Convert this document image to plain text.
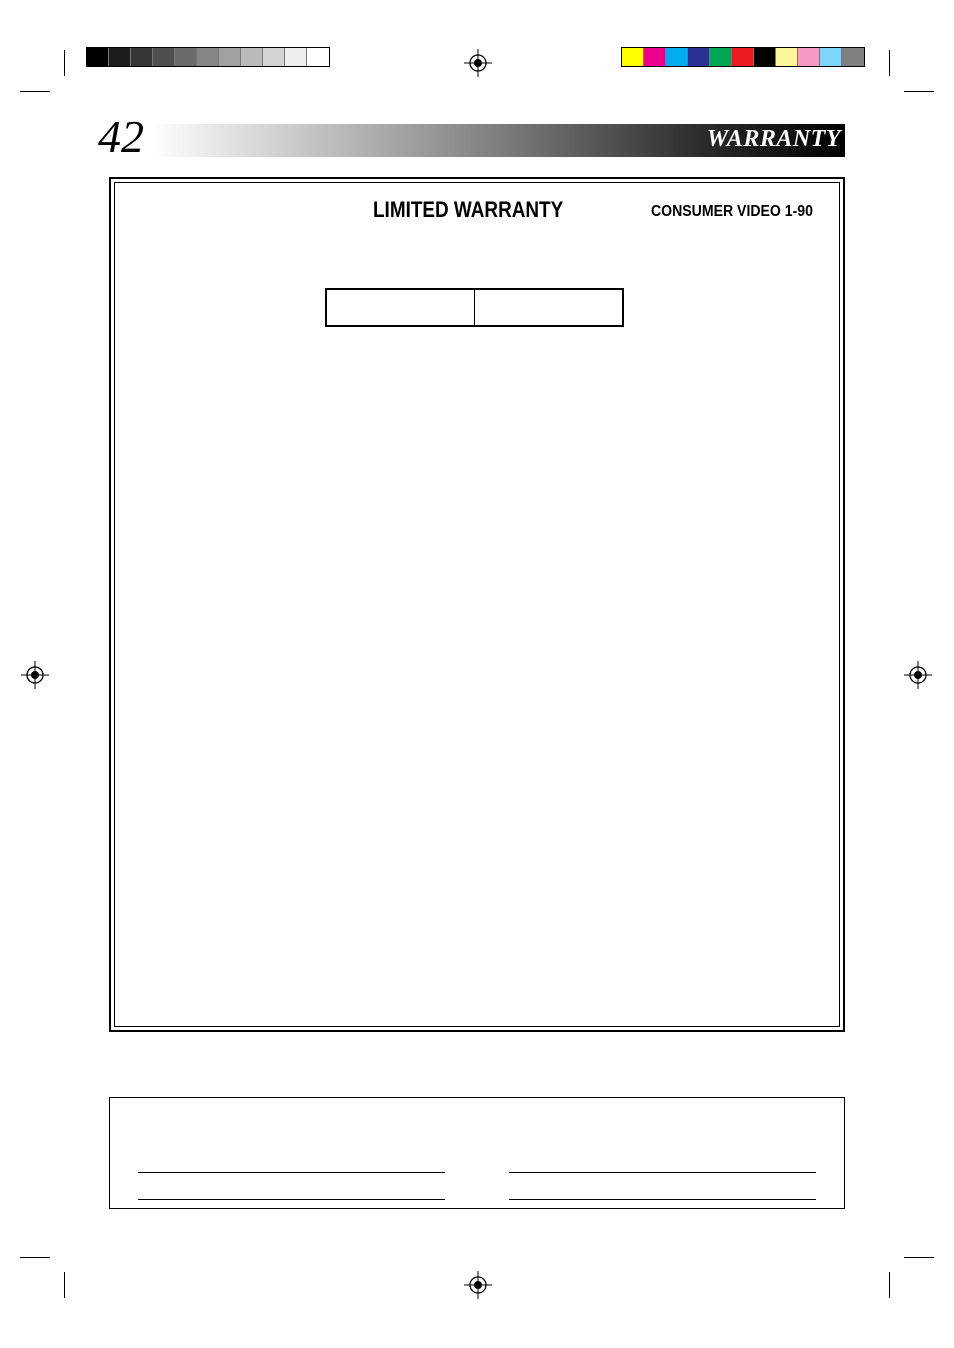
42	WARRANTY
LIMITED WARRANTY	CONSUMER VIDEO 1-90
